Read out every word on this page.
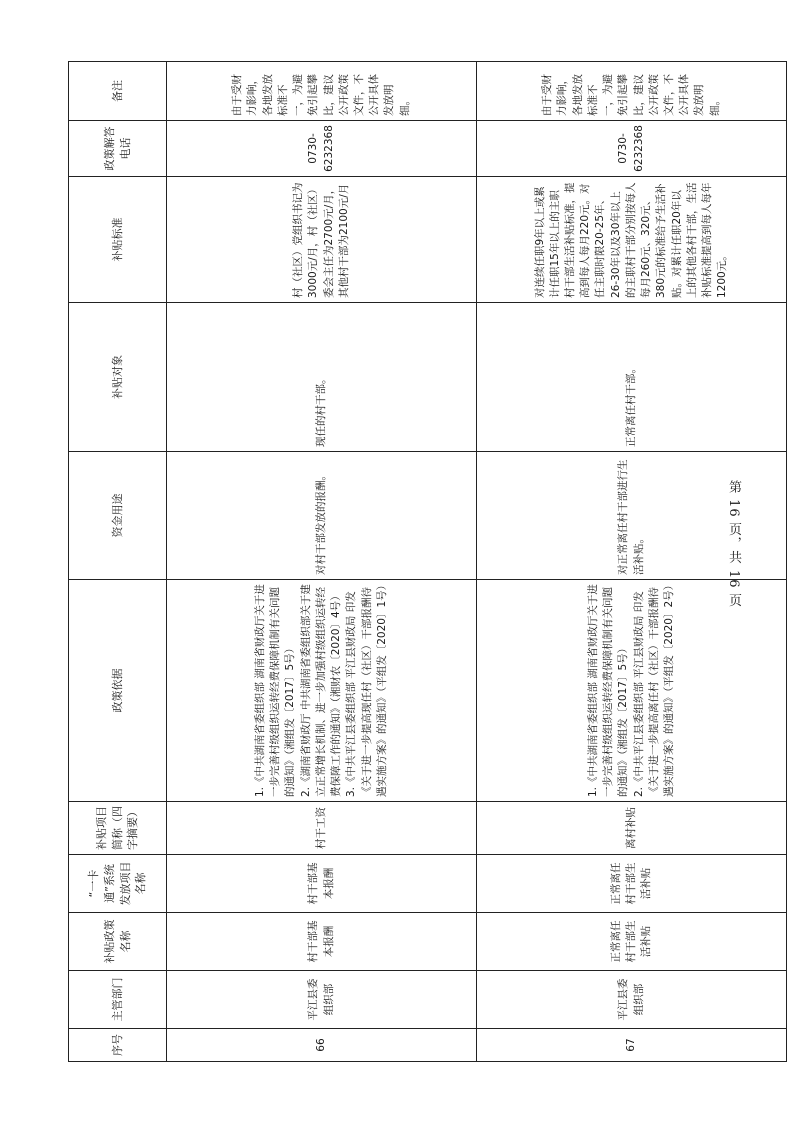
序号	主管部门	补贴政策名称	“一卡通”系统发放项目名称	补贴项目简称（四字摘要）	政策依据	资金用途	补贴对象	补贴标准	政策解答电话	备注
66	平江县委组织部	村干部基本报酬	村干部基本报酬	村干工资	1.《中共湖南省委组织部 湖南省财政厅关于进一步完善村级组织运转经费保障机制有关问题的通知》（湘组发〔2017〕5号） 2.《湖南省财政厅 中共湖南省委组织部关于建立正常增长机制、进一步加强村级组织运转经费保障工作的通知》（湘财农〔2020〕4号） 3.《中共平江县委组织部 平江县财政局 印发《关于进一步提高现任村（社区）干部报酬待遇实施方案》的通知》（平组发〔2020〕1号）	对村干部发放的报酬。	现任的村干部。	村（社区）党组织书记为3000元/月，村（社区）委会主任为2700元/月，其他村干部为2100元/月	0730-6232368	由于受财力影响，各地发放标准不一，为避免引起攀比，建议公开政策文件，不公开具体发放明细。
67	平江县委组织部	正常离任村干部生活补贴	正常离任村干部生活补贴	离村补贴	1.《中共湖南省委组织部 湖南省财政厅关于进一步完善村级组织运转经费保障机制有关问题的通知》（湘组发〔2017〕5号） 2.《中共平江县委组织部 平江县财政局 印发《关于进一步提高离任村（社区）干部报酬待遇实施方案》的通知》（平组发〔2020〕2号）	对正常离任村干部进行生活补贴。	正常离任村干部。	对连续任职9年以上或累计任职15年以上的主职村干部生活补贴标准，提高到每人每月220元。对任主职时限20-25年、26-30年以及30年以上的主职村干部分别按每人每月260元、320元、380元的标准给予生活补贴。对累计任职20年以上的其他各村干部，生活补贴标准提高到每人每年1200元。	0730-6232368	由于受财力影响，各地发放标准不一，为避免引起攀比，建议公开政策文件，不公开具体发放明细。
第 16 页，共 16 页
